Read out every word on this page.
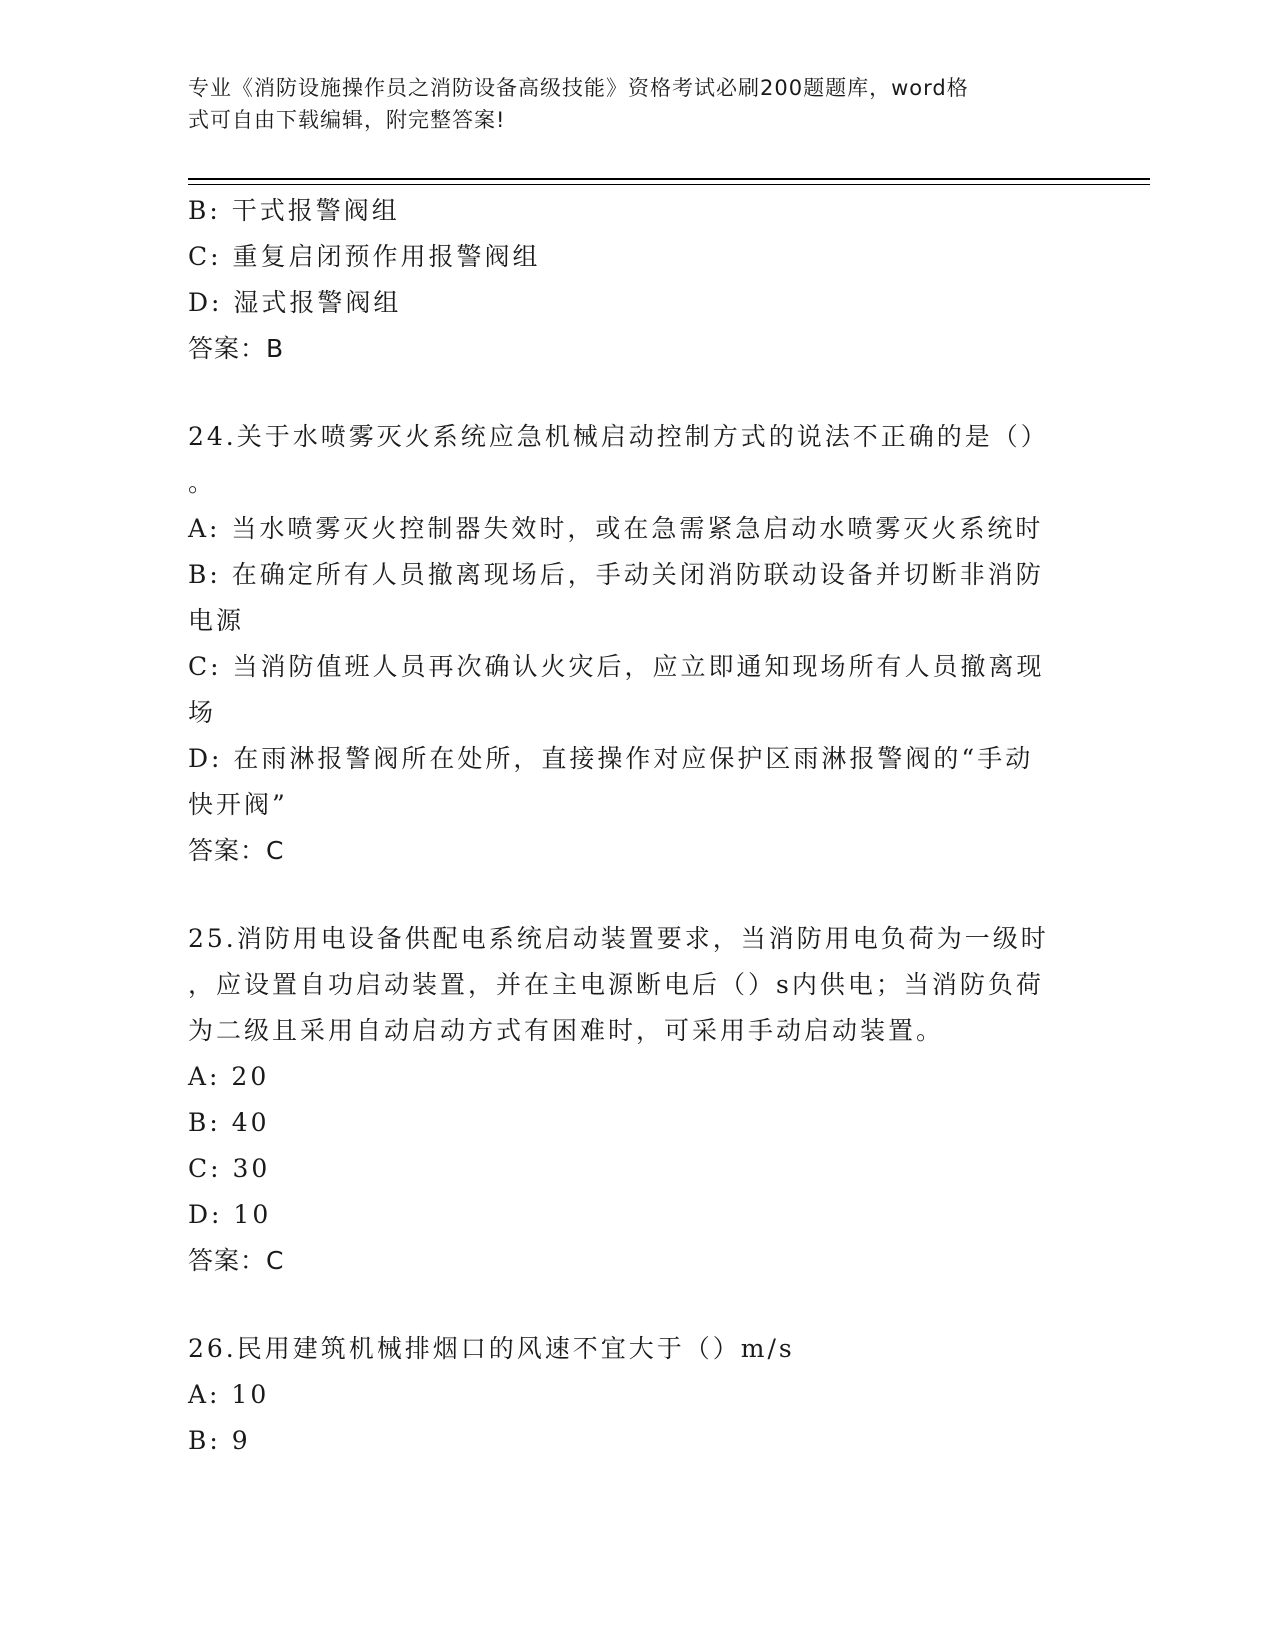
专业《消防设施操作员之消防设备高级技能》资格考试必刷200题题库，word格
式可自由下载编辑，附完整答案!

B: 干式报警阀组

C: 重复启闭预作用报警阀组

D: 湿式报警阀组

答案：B

24.关于水喷雾灭火系统应急机械启动控制方式的说法不正确的是（）

。

A: 当水喷雾灭火控制器失效时，或在急需紧急启动水喷雾灭火系统时

B: 在确定所有人员撤离现场后，手动关闭消防联动设备并切断非消防

电源

C: 当消防值班人员再次确认火灾后，应立即通知现场所有人员撤离现

场

D: 在雨淋报警阀所在处所，直接操作对应保护区雨淋报警阀的“手动

快开阀”

答案：C

25.消防用电设备供配电系统启动装置要求，当消防用电负荷为一级时

，应设置自功启动装置，并在主电源断电后（）s内供电；当消防负荷

为二级且采用自动启动方式有困难时，可采用手动启动装置。

A: 20

B: 40

C: 30

D: 10

答案：C

26.民用建筑机械排烟口的风速不宜大于（）m/s

A: 10

B: 9
